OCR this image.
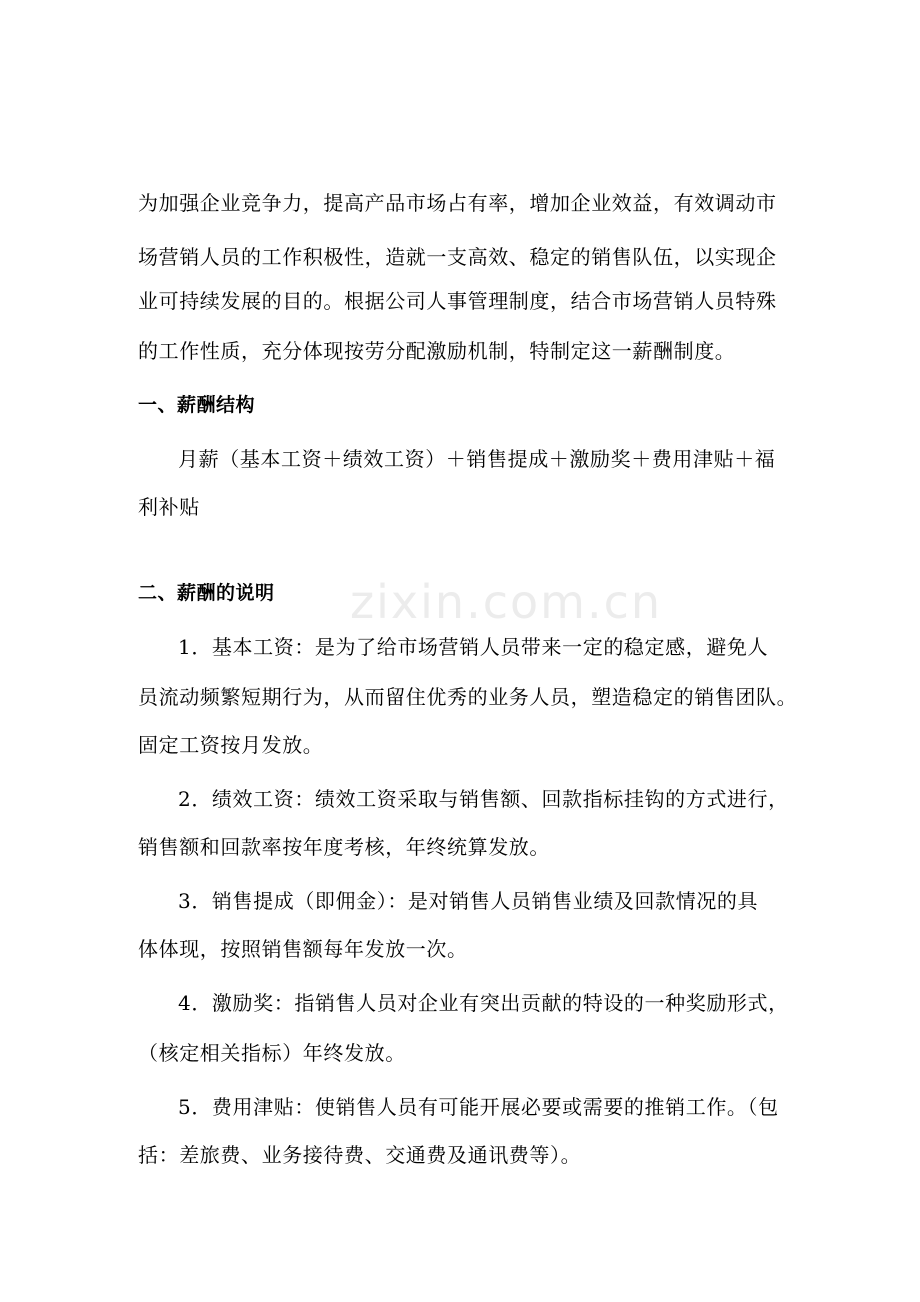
zixin.com.cn
为加强企业竞争力，提高产品市场占有率，增加企业效益，有效调动市
场营销人员的工作积极性，造就一支高效、稳定的销售队伍，以实现企
业可持续发展的目的。根据公司人事管理制度，结合市场营销人员特殊
的工作性质，充分体现按劳分配激励机制，特制定这一薪酬制度。
一、薪酬结构
月薪（基本工资＋绩效工资）＋销售提成＋激励奖＋费用津贴＋福
利补贴
二、薪酬的说明
1．基本工资：是为了给市场营销人员带来一定的稳定感，避免人
员流动频繁短期行为，从而留住优秀的业务人员，塑造稳定的销售团队。
固定工资按月发放。
2．绩效工资：绩效工资采取与销售额、回款指标挂钩的方式进行，
销售额和回款率按年度考核，年终统算发放。
3．销售提成（即佣金）：是对销售人员销售业绩及回款情况的具
体体现，按照销售额每年发放一次。
4．激励奖：指销售人员对企业有突出贡献的特设的一种奖励形式，
（核定相关指标）年终发放。
5．费用津贴：使销售人员有可能开展必要或需要的推销工作。（包
括：差旅费、业务接待费、交通费及通讯费等）。
